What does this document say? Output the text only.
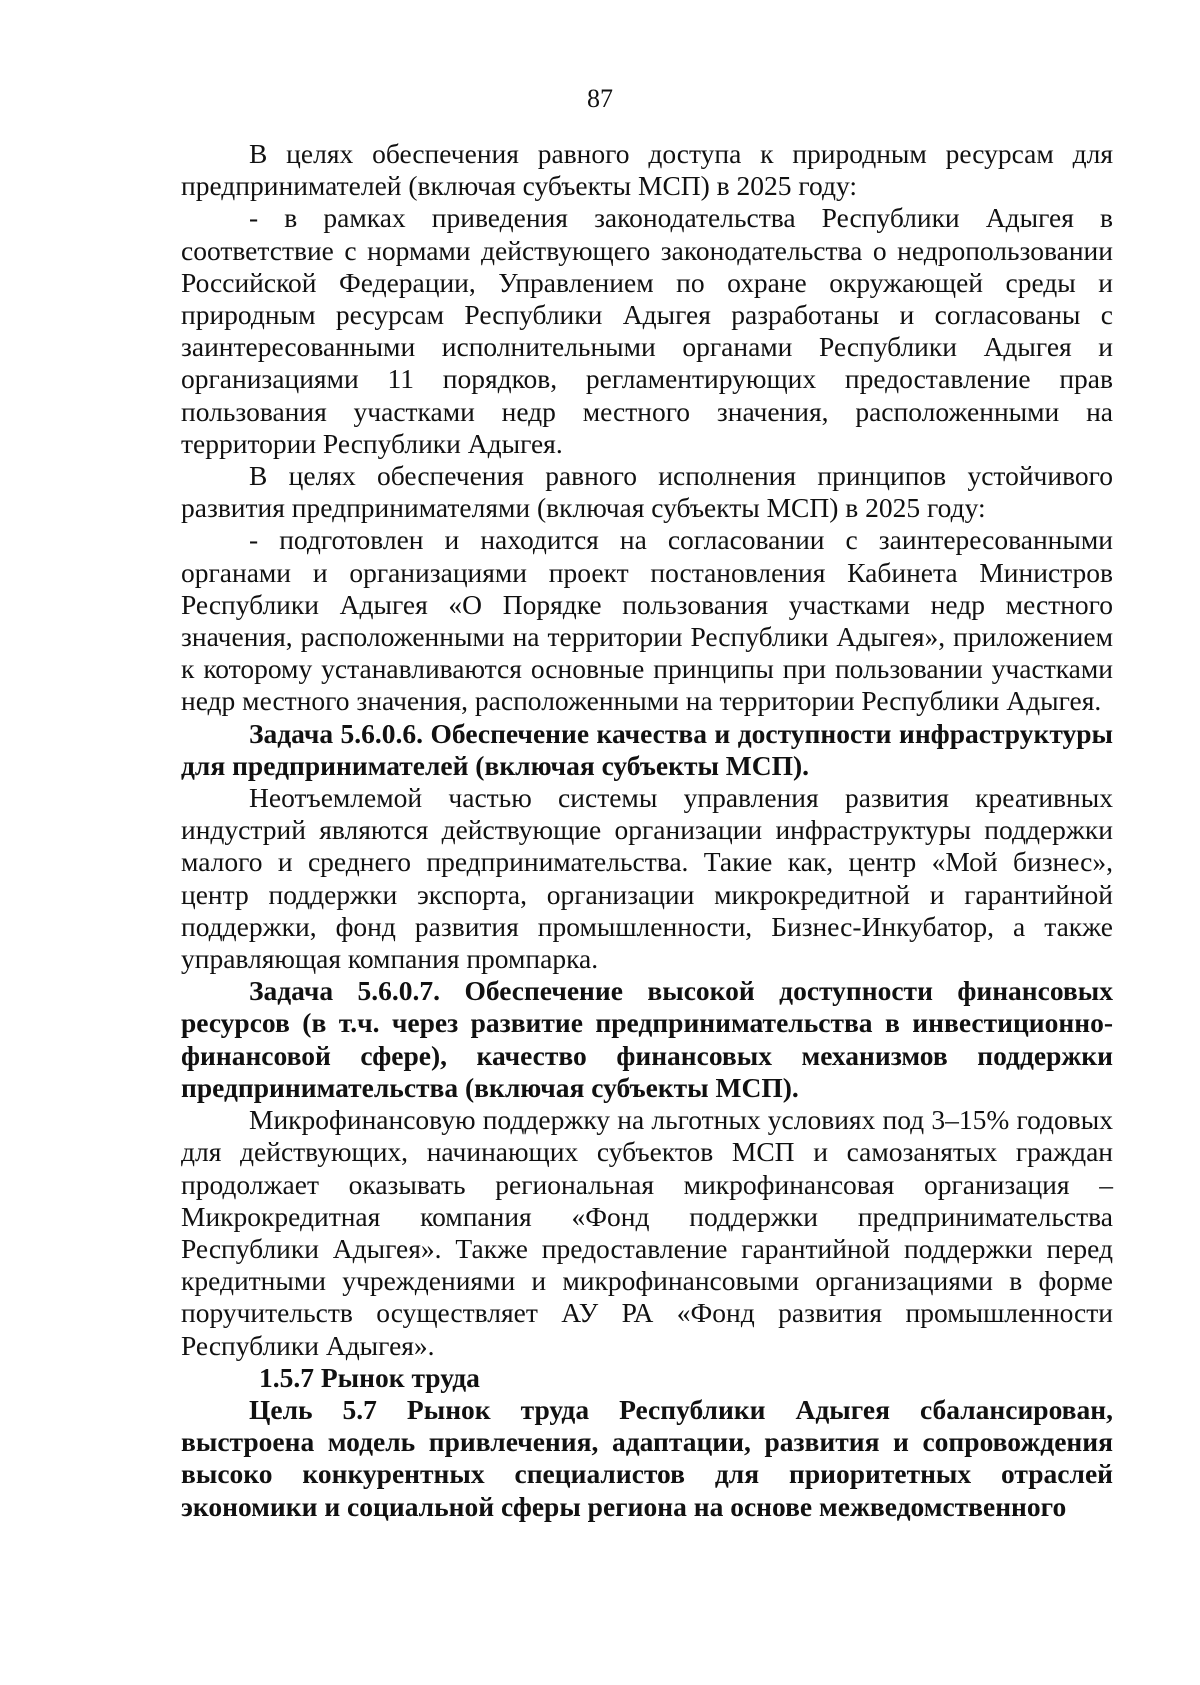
87

В целях обеспечения равного доступа к природным ресурсам для предпринимателей (включая субъекты МСП) в 2025 году:

- в рамках приведения законодательства Республики Адыгея в соответствие с нормами действующего законодательства о недропользовании Российской Федерации, Управлением по охране окружающей среды и природным ресурсам Республики Адыгея разработаны и согласованы с заинтересованными исполнительными органами Республики Адыгея и организациями 11 порядков, регламентирующих предоставление прав пользования участками недр местного значения, расположенными на территории Республики Адыгея.

В целях обеспечения равного исполнения принципов устойчивого развития предпринимателями (включая субъекты МСП) в 2025 году:

- подготовлен и находится на согласовании с заинтересованными органами и организациями проект постановления Кабинета Министров Республики Адыгея «О Порядке пользования участками недр местного значения, расположенными на территории Республики Адыгея», приложением к которому устанавливаются основные принципы при пользовании участками недр местного значения, расположенными на территории Республики Адыгея.

Задача 5.6.0.6. Обеспечение качества и доступности инфраструктуры для предпринимателей (включая субъекты МСП).

Неотъемлемой частью системы управления развития креативных индустрий являются действующие организации инфраструктуры поддержки малого и среднего предпринимательства. Такие как, центр «Мой бизнес», центр поддержки экспорта, организации микрокредитной и гарантийной поддержки, фонд развития промышленности, Бизнес-Инкубатор, а также управляющая компания промпарка.

Задача 5.6.0.7. Обеспечение высокой доступности финансовых ресурсов (в т.ч. через развитие предпринимательства в инвестиционно-финансовой сфере), качество финансовых механизмов поддержки предпринимательства (включая субъекты МСП).

Микрофинансовую поддержку на льготных условиях под 3–15% годовых для действующих, начинающих субъектов МСП и самозанятых граждан продолжает оказывать региональная микрофинансовая организация – Микрокредитная компания «Фонд поддержки предпринимательства Республики Адыгея». Также предоставление гарантийной поддержки перед кредитными учреждениями и микрофинансовыми организациями в форме поручительств осуществляет АУ РА «Фонд развития промышленности Республики Адыгея».

1.5.7 Рынок труда

Цель 5.7 Рынок труда Республики Адыгея сбалансирован, выстроена модель привлечения, адаптации, развития и сопровождения высоко конкурентных специалистов для приоритетных отраслей экономики и социальной сферы региона на основе межведомственного
